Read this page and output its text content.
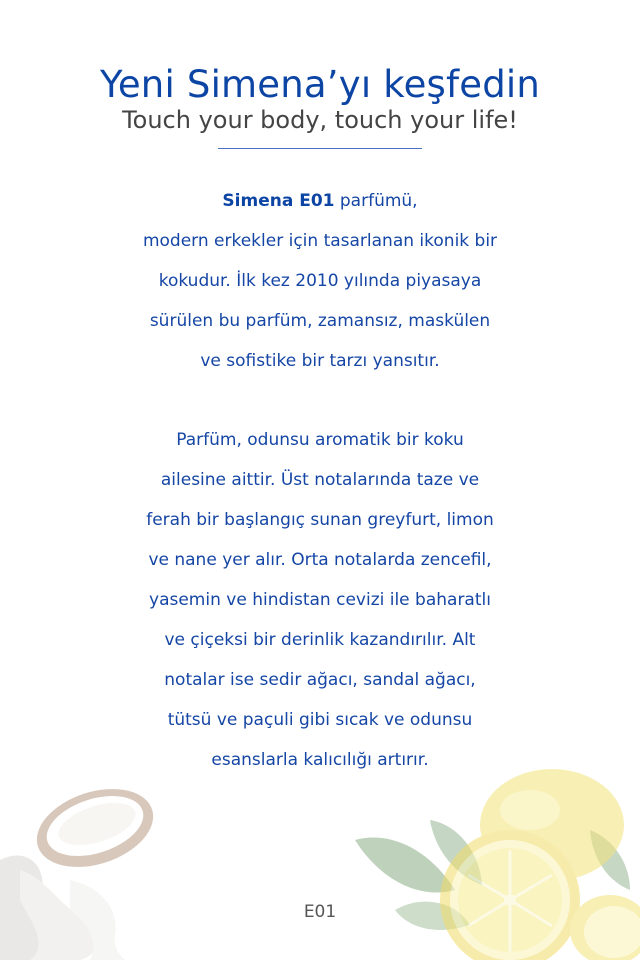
Yeni Simena’yı keşfedin
Touch your body, touch your life!

Simena E01 parfümü,

modern erkekler için tasarlanan ikonik bir

kokudur. İlk kez 2010 yılında piyasaya

sürülen bu parfüm, zamansız, maskülen

ve sofistike bir tarzı yansıtır.

Parfüm, odunsu aromatik bir koku

ailesine aittir. Üst notalarında taze ve

ferah bir başlangıç sunan greyfurt, limon

ve nane yer alır. Orta notalarda zencefil,

yasemin ve hindistan cevizi ile baharatlı

ve çiçeksi bir derinlik kazandırılır. Alt

notalar ise sedir ağacı, sandal ağacı,

tütsü ve paçuli gibi sıcak ve odunsu

esanslarla kalıcılığı artırır.

E01
